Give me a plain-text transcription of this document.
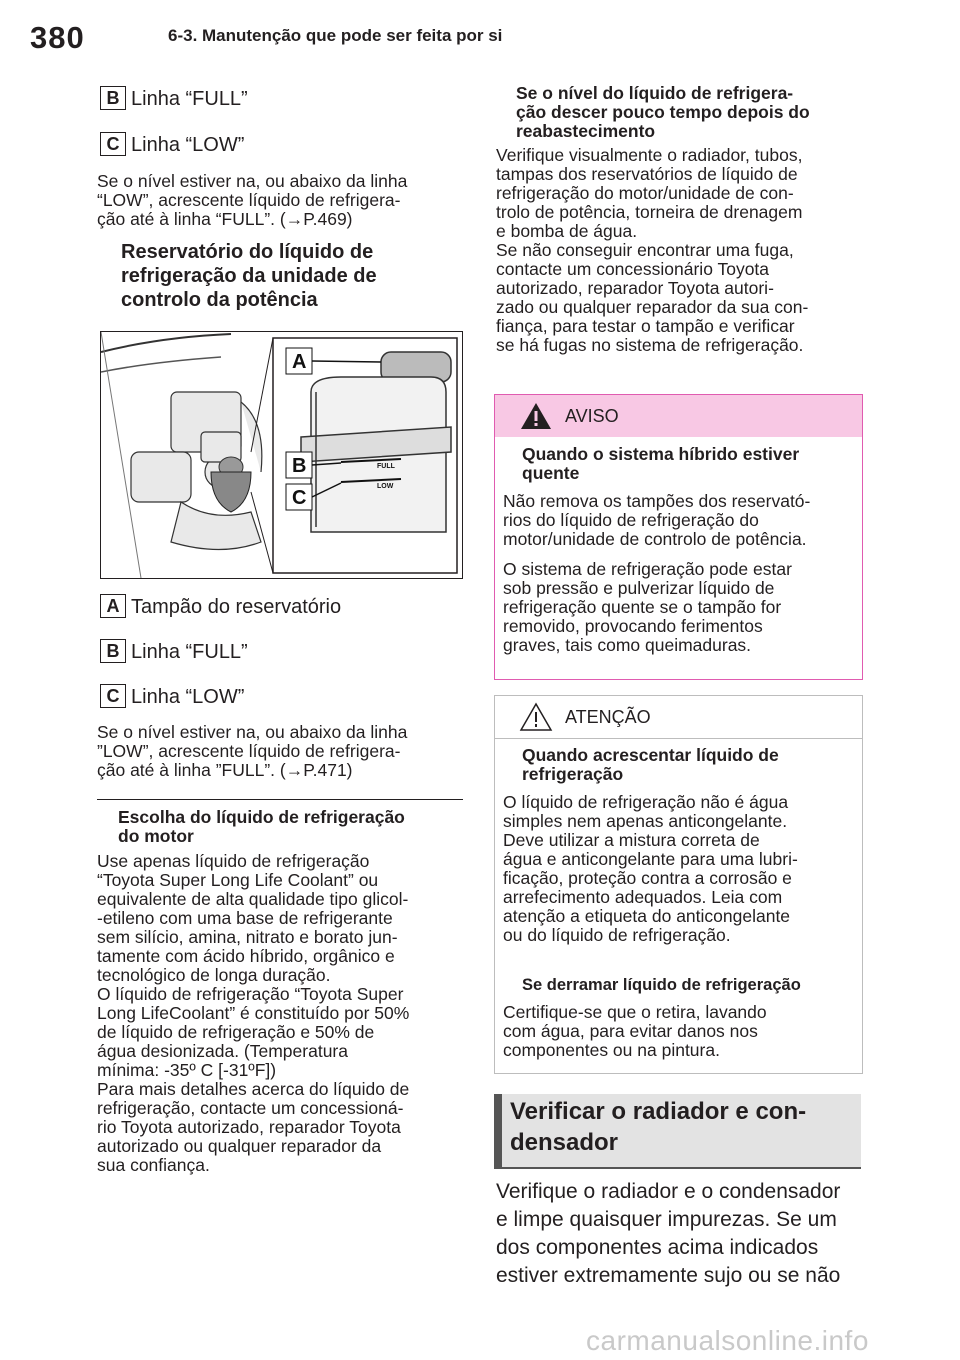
380	6-3. Manutenção que pode ser feita por si
B Linha “FULL”
C Linha “LOW”
Se o nível estiver na, ou abaixo da linha
“LOW”, acrescente líquido de refrigera-
ção até à linha “FULL”. (→P.469)
Reservatório do líquido de
refrigeração da unidade de
controlo da potência
FULL
LOW
A
B
C
A Tampão do reservatório
B Linha “FULL”
C Linha “LOW”
Se o nível estiver na, ou abaixo da linha
”LOW”, acrescente líquido de refrigera-
ção até à linha ”FULL”. (→P.471)
Escolha do líquido de refrigeração
do motor
Use apenas líquido de refrigeração
“Toyota Super Long Life Coolant” ou
equivalente de alta qualidade tipo glicol-
-etileno com uma base de refrigerante
sem silício, amina, nitrato e borato jun-
tamente com ácido híbrido, orgânico e
tecnológico de longa duração.
O líquido de refrigeração “Toyota Super
Long LifeCoolant” é constituído por 50%
de líquido de refrigeração e 50% de
água desionizada. (Temperatura
mínima: -35º C [-31ºF])
Para mais detalhes acerca do líquido de
refrigeração, contacte um concessioná-
rio Toyota autorizado, reparador Toyota
autorizado ou qualquer reparador da
sua confiança.
Se o nível do líquido de refrigera-
ção descer pouco tempo depois do
reabastecimento
Verifique visualmente o radiador, tubos,
tampas dos reservatórios de líquido de
refrigeração do motor/unidade de con-
trolo de potência, torneira de drenagem
e bomba de água.
Se não conseguir encontrar uma fuga,
contacte um concessionário Toyota
autorizado, reparador Toyota autori-
zado ou qualquer reparador da sua con-
fiança, para testar o tampão e verificar
se há fugas no sistema de refrigeração.
AVISO
Quando o sistema híbrido estiver
quente
Não remova os tampões dos reservató-
rios do líquido de refrigeração do
motor/unidade de controlo de potência.
O sistema de refrigeração pode estar
sob pressão e pulverizar líquido de
refrigeração quente se o tampão for
removido, provocando ferimentos
graves, tais como queimaduras.
ATENÇÃO
Quando acrescentar líquido de
refrigeração
O líquido de refrigeração não é água
simples nem apenas anticongelante.
Deve utilizar a mistura correta de
água e anticongelante para uma lubri-
ficação, proteção contra a corrosão e
arrefecimento adequados. Leia com
atenção a etiqueta do anticongelante
ou do líquido de refrigeração.
Se derramar líquido de refrigeração
Certifique-se que o retira, lavando
com água, para evitar danos nos
componentes ou na pintura.
Verificar o radiador e con-
densador
Verifique o radiador e o condensador
e limpe quaisquer impurezas. Se um
dos componentes acima indicados
estiver extremamente sujo ou se não
carmanualsonline.info
